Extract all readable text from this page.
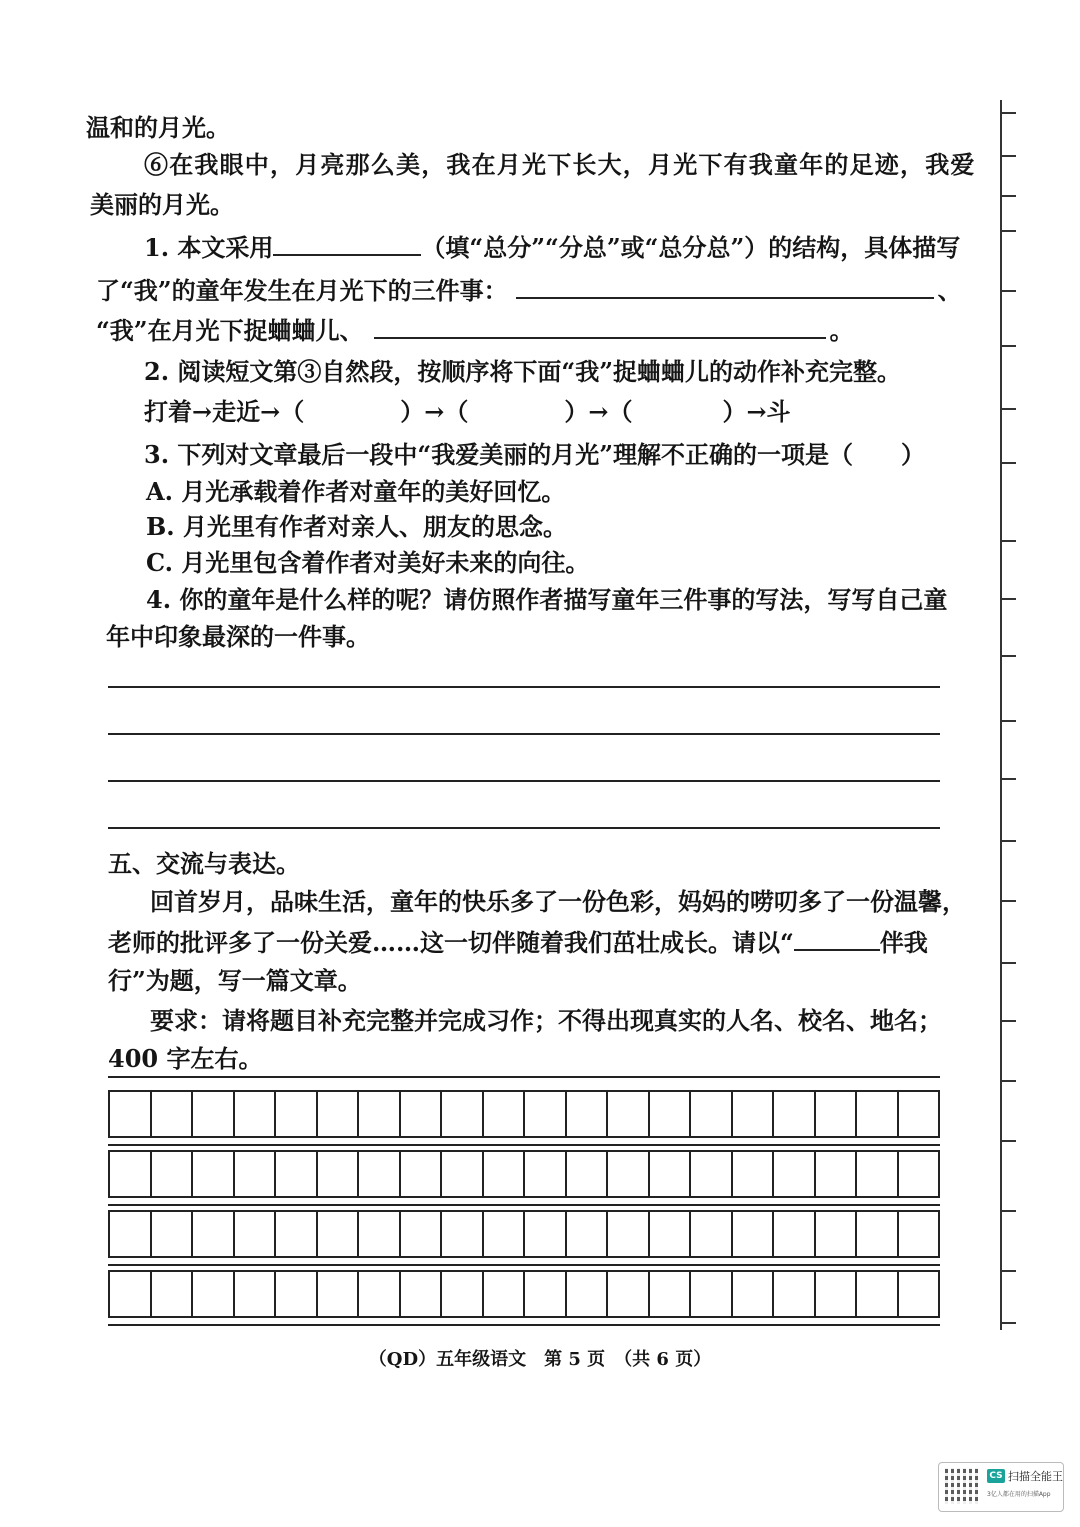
温和的月光。
⑥在我眼中，月亮那么美，我在月光下长大，月光下有我童年的足迹，我爱
美丽的月光。
1. 本文采用	（填“总分”“分总”或“总分总”）的结构，具体描写
了“我”的童年发生在月光下的三件事：	、
“我”在月光下捉蛐蛐儿、	。
2. 阅读短文第③自然段，按顺序将下面“我”捉蛐蛐儿的动作补充完整。
打着→走近→（	）→（	）→（	）→斗
3. 下列对文章最后一段中“我爱美丽的月光”理解不正确的一项是（　　）
A. 月光承载着作者对童年的美好回忆。
B. 月光里有作者对亲人、朋友的思念。
C. 月光里包含着作者对美好未来的向往。
4. 你的童年是什么样的呢？请仿照作者描写童年三件事的写法，写写自己童
年中印象最深的一件事。
五、交流与表达。
回首岁月，品味生活，童年的快乐多了一份色彩，妈妈的唠叨多了一份温馨，
老师的批评多了一份关爱……这一切伴随着我们茁壮成长。请以“	伴我
行”为题，写一篇文章。
要求：请将题目补充完整并完成习作；不得出现真实的人名、校名、地名；
400 字左右。
（QD）五年级语文　第 5 页　（共 6 页）
CS 扫描全能王
3亿人都在用的扫描App
